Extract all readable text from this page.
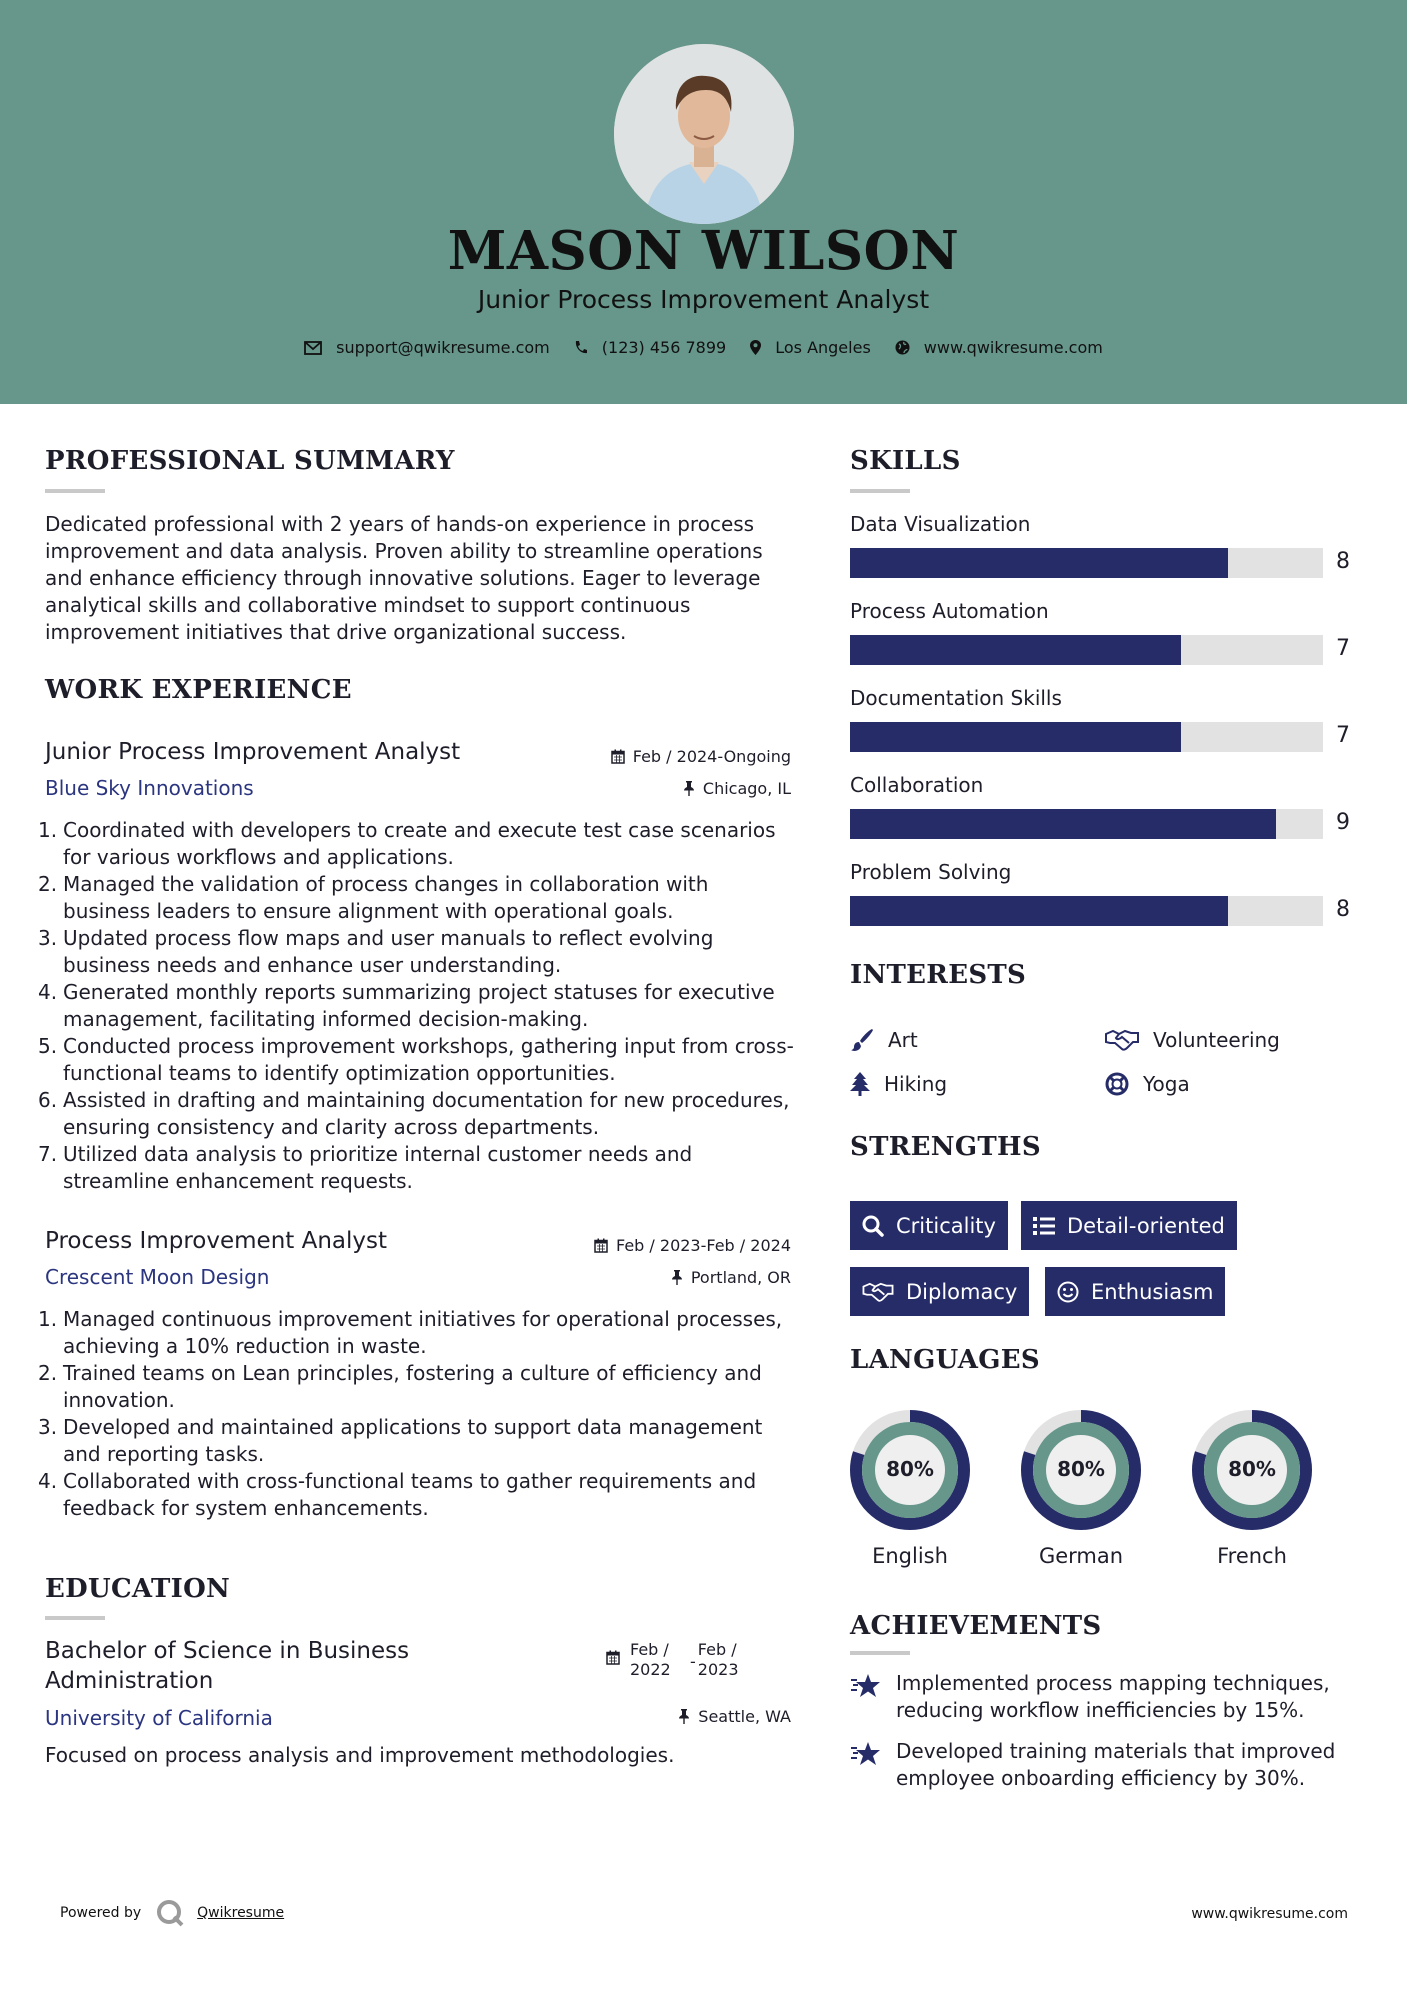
MASON WILSON
Junior Process Improvement Analyst
support@qwikresume.com	(123) 456 7899	Los Angeles	www.qwikresume.com
PROFESSIONAL SUMMARY
Dedicated professional with 2 years of hands-on experience in process improvement and data analysis. Proven ability to streamline operations and enhance efficiency through innovative solutions. Eager to leverage analytical skills and collaborative mindset to support continuous improvement initiatives that drive organizational success.
WORK EXPERIENCE
Junior Process Improvement Analyst	Feb / 2024-Ongoing
Blue Sky Innovations	Chicago, IL
1. Coordinated with developers to create and execute test case scenarios for various workflows and applications.
2. Managed the validation of process changes in collaboration with business leaders to ensure alignment with operational goals.
3. Updated process flow maps and user manuals to reflect evolving business needs and enhance user understanding.
4. Generated monthly reports summarizing project statuses for executive management, facilitating informed decision-making.
5. Conducted process improvement workshops, gathering input from cross-functional teams to identify optimization opportunities.
6. Assisted in drafting and maintaining documentation for new procedures, ensuring consistency and clarity across departments.
7. Utilized data analysis to prioritize internal customer needs and streamline enhancement requests.
Process Improvement Analyst	Feb / 2023-Feb / 2024
Crescent Moon Design	Portland, OR
1. Managed continuous improvement initiatives for operational processes, achieving a 10% reduction in waste.
2. Trained teams on Lean principles, fostering a culture of efficiency and innovation.
3. Developed and maintained applications to support data management and reporting tasks.
4. Collaborated with cross-functional teams to gather requirements and feedback for system enhancements.
EDUCATION
Bachelor of Science in Business Administration
Feb / 2022	-
Feb / 2023
University of California	Seattle, WA
Focused on process analysis and improvement methodologies.
SKILLS
Data Visualization
8
Process Automation
7
Documentation Skills
7
Collaboration
9
Problem Solving
8
INTERESTS
Art	Volunteering
Hiking	Yoga
STRENGTHS
Criticality	Detail-oriented
Diplomacy	Enthusiasm
LANGUAGES
80%
English
80%
German
80%
French
ACHIEVEMENTS
Implemented process mapping techniques, reducing workflow inefficiencies by 15%.
Developed training materials that improved employee onboarding efficiency by 30%.
Powered by	Qwikresume	www.qwikresume.com
